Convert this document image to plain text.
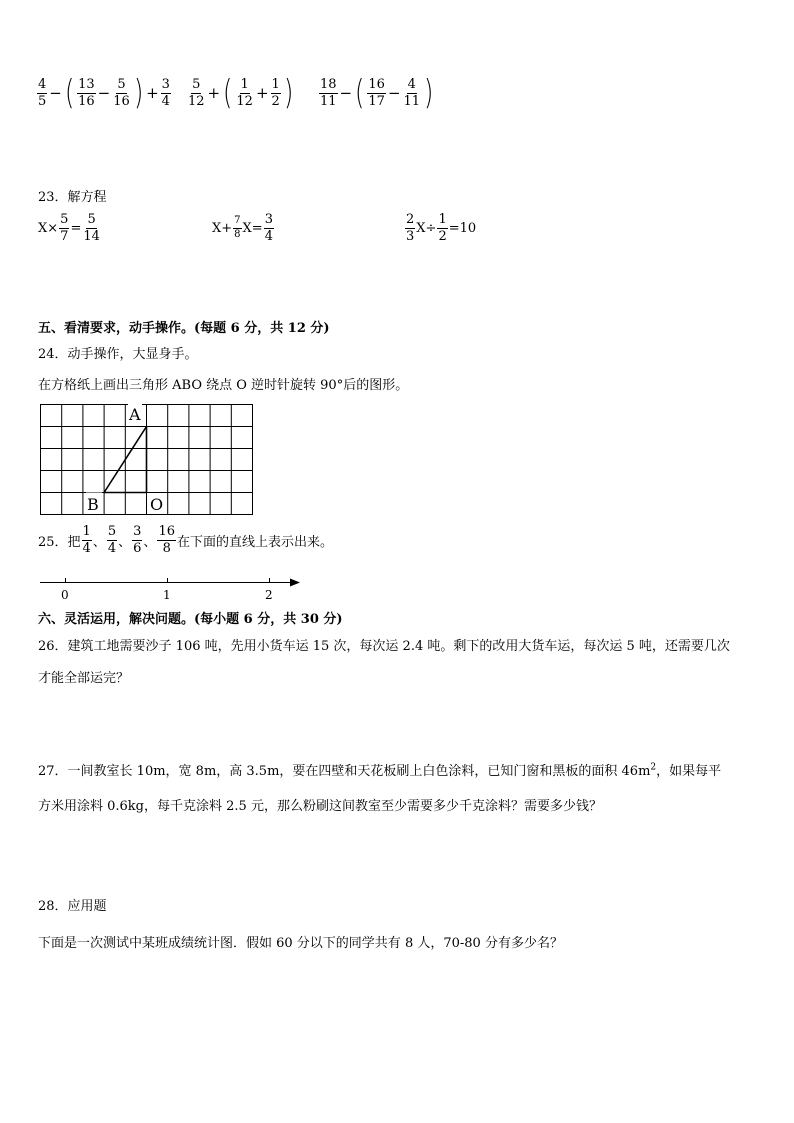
$\frac{4}{5}$ − ( $\frac{13}{16} - \frac{5}{16}$ ) + $\frac{3}{4} \frac{5}{12}$ + ( $\frac{1}{12} + \frac{1}{2}$ ) $\frac{18}{11}$ − ( $\frac{16}{17} - \frac{4}{11}$ )
23．解方程
$X\times \frac{5}{7} = \frac{5}{14}$	$X+ \frac{7}{8} X= \frac{3}{4}$	$\frac{2}{3} X\div \frac{1}{2} =10$
五、看清要求，动手操作。(每题 6 分，共 12 分)
24．动手操作，大显身手。
在方格纸上画出三角形 ABO 绕点 O 逆时针旋转 90°后的图形。
A
B	O
25．把 $\frac{1}{4}$ 、 $\frac{5}{4}$ 、 $\frac{3}{6}$ 、 $\frac{16}{8}$ 在下面的直线上表示出来。
0	1	2
六、灵活运用，解决问题。(每小题 6 分，共 30 分)
26．建筑工地需要沙子 106 吨，先用小货车运 15 次，每次运 2.4 吨。剩下的改用大货车运，每次运 5 吨，还需要几次
才能全部运完？
27．一间教室长 10m，宽 8m，高 3.5m，要在四壁和天花板刷上白色涂料，已知门窗和黑板的面积 $46m^2$，如果每平
方米用涂料 0.6kg，每千克涂料 2.5 元，那么粉刷这间教室至少需要多少千克涂料？需要多少钱？
28．应用题
下面是一次测试中某班成绩统计图．假如 60 分以下的同学共有 8 人，70-80 分有多少名？
